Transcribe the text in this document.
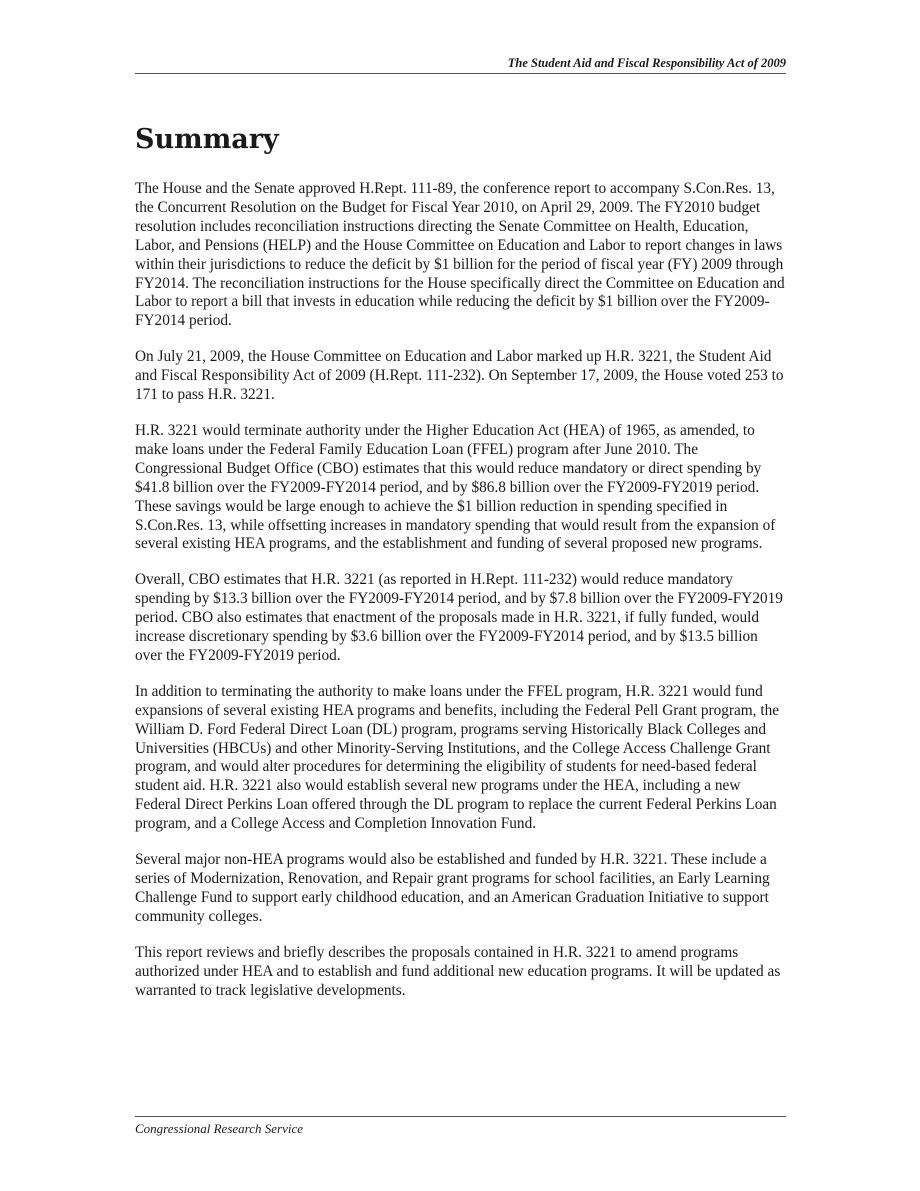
The Student Aid and Fiscal Responsibility Act of 2009
Summary

The House and the Senate approved H.Rept. 111-89, the conference report to accompany S.Con.Res. 13, the Concurrent Resolution on the Budget for Fiscal Year 2010, on April 29, 2009. The FY2010 budget resolution includes reconciliation instructions directing the Senate Committee on Health, Education, Labor, and Pensions (HELP) and the House Committee on Education and Labor to report changes in laws within their jurisdictions to reduce the deficit by $1 billion for the period of fiscal year (FY) 2009 through FY2014. The reconciliation instructions for the House specifically direct the Committee on Education and Labor to report a bill that invests in education while reducing the deficit by $1 billion over the FY2009-FY2014 period.

On July 21, 2009, the House Committee on Education and Labor marked up H.R. 3221, the Student Aid and Fiscal Responsibility Act of 2009 (H.Rept. 111-232). On September 17, 2009, the House voted 253 to 171 to pass H.R. 3221.

H.R. 3221 would terminate authority under the Higher Education Act (HEA) of 1965, as amended, to make loans under the Federal Family Education Loan (FFEL) program after June 2010. The Congressional Budget Office (CBO) estimates that this would reduce mandatory or direct spending by $41.8 billion over the FY2009-FY2014 period, and by $86.8 billion over the FY2009-FY2019 period. These savings would be large enough to achieve the $1 billion reduction in spending specified in S.Con.Res. 13, while offsetting increases in mandatory spending that would result from the expansion of several existing HEA programs, and the establishment and funding of several proposed new programs.

Overall, CBO estimates that H.R. 3221 (as reported in H.Rept. 111-232) would reduce mandatory spending by $13.3 billion over the FY2009-FY2014 period, and by $7.8 billion over the FY2009-FY2019 period. CBO also estimates that enactment of the proposals made in H.R. 3221, if fully funded, would increase discretionary spending by $3.6 billion over the FY2009-FY2014 period, and by $13.5 billion over the FY2009-FY2019 period.

In addition to terminating the authority to make loans under the FFEL program, H.R. 3221 would fund expansions of several existing HEA programs and benefits, including the Federal Pell Grant program, the William D. Ford Federal Direct Loan (DL) program, programs serving Historically Black Colleges and Universities (HBCUs) and other Minority-Serving Institutions, and the College Access Challenge Grant program, and would alter procedures for determining the eligibility of students for need-based federal student aid. H.R. 3221 also would establish several new programs under the HEA, including a new Federal Direct Perkins Loan offered through the DL program to replace the current Federal Perkins Loan program, and a College Access and Completion Innovation Fund.

Several major non-HEA programs would also be established and funded by H.R. 3221. These include a series of Modernization, Renovation, and Repair grant programs for school facilities, an Early Learning Challenge Fund to support early childhood education, and an American Graduation Initiative to support community colleges.

This report reviews and briefly describes the proposals contained in H.R. 3221 to amend programs authorized under HEA and to establish and fund additional new education programs. It will be updated as warranted to track legislative developments.

Congressional Research Service
